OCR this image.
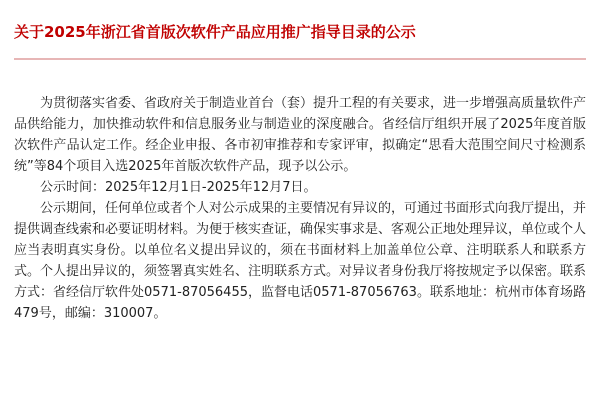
关于2025年浙江省首版次软件产品应用推广指导目录的公示

为贯彻落实省委、省政府关于制造业首台（套）提升工程的有关要求，进一步增强高质量软件产品供给能力，加快推动软件和信息服务业与制造业的深度融合。省经信厅组织开展了2025年度首版次软件产品认定工作。经企业申报、各市初审推荐和专家评审，拟确定“思看大范围空间尺寸检测系统”等84个项目入选2025年首版次软件产品，现予以公示。

公示时间：2025年12月1日-2025年12月7日。

公示期间，任何单位或者个人对公示成果的主要情况有异议的，可通过书面形式向我厅提出，并提供调查线索和必要证明材料。为便于核实查证，确保实事求是、客观公正地处理异议，单位或个人应当表明真实身份。以单位名义提出异议的，须在书面材料上加盖单位公章、注明联系人和联系方式。个人提出异议的，须签署真实姓名、注明联系方式。对异议者身份我厅将按规定予以保密。联系方式：省经信厅软件处0571-87056455，监督电话0571-87056763。联系地址：杭州市体育场路479号，邮编：310007。
